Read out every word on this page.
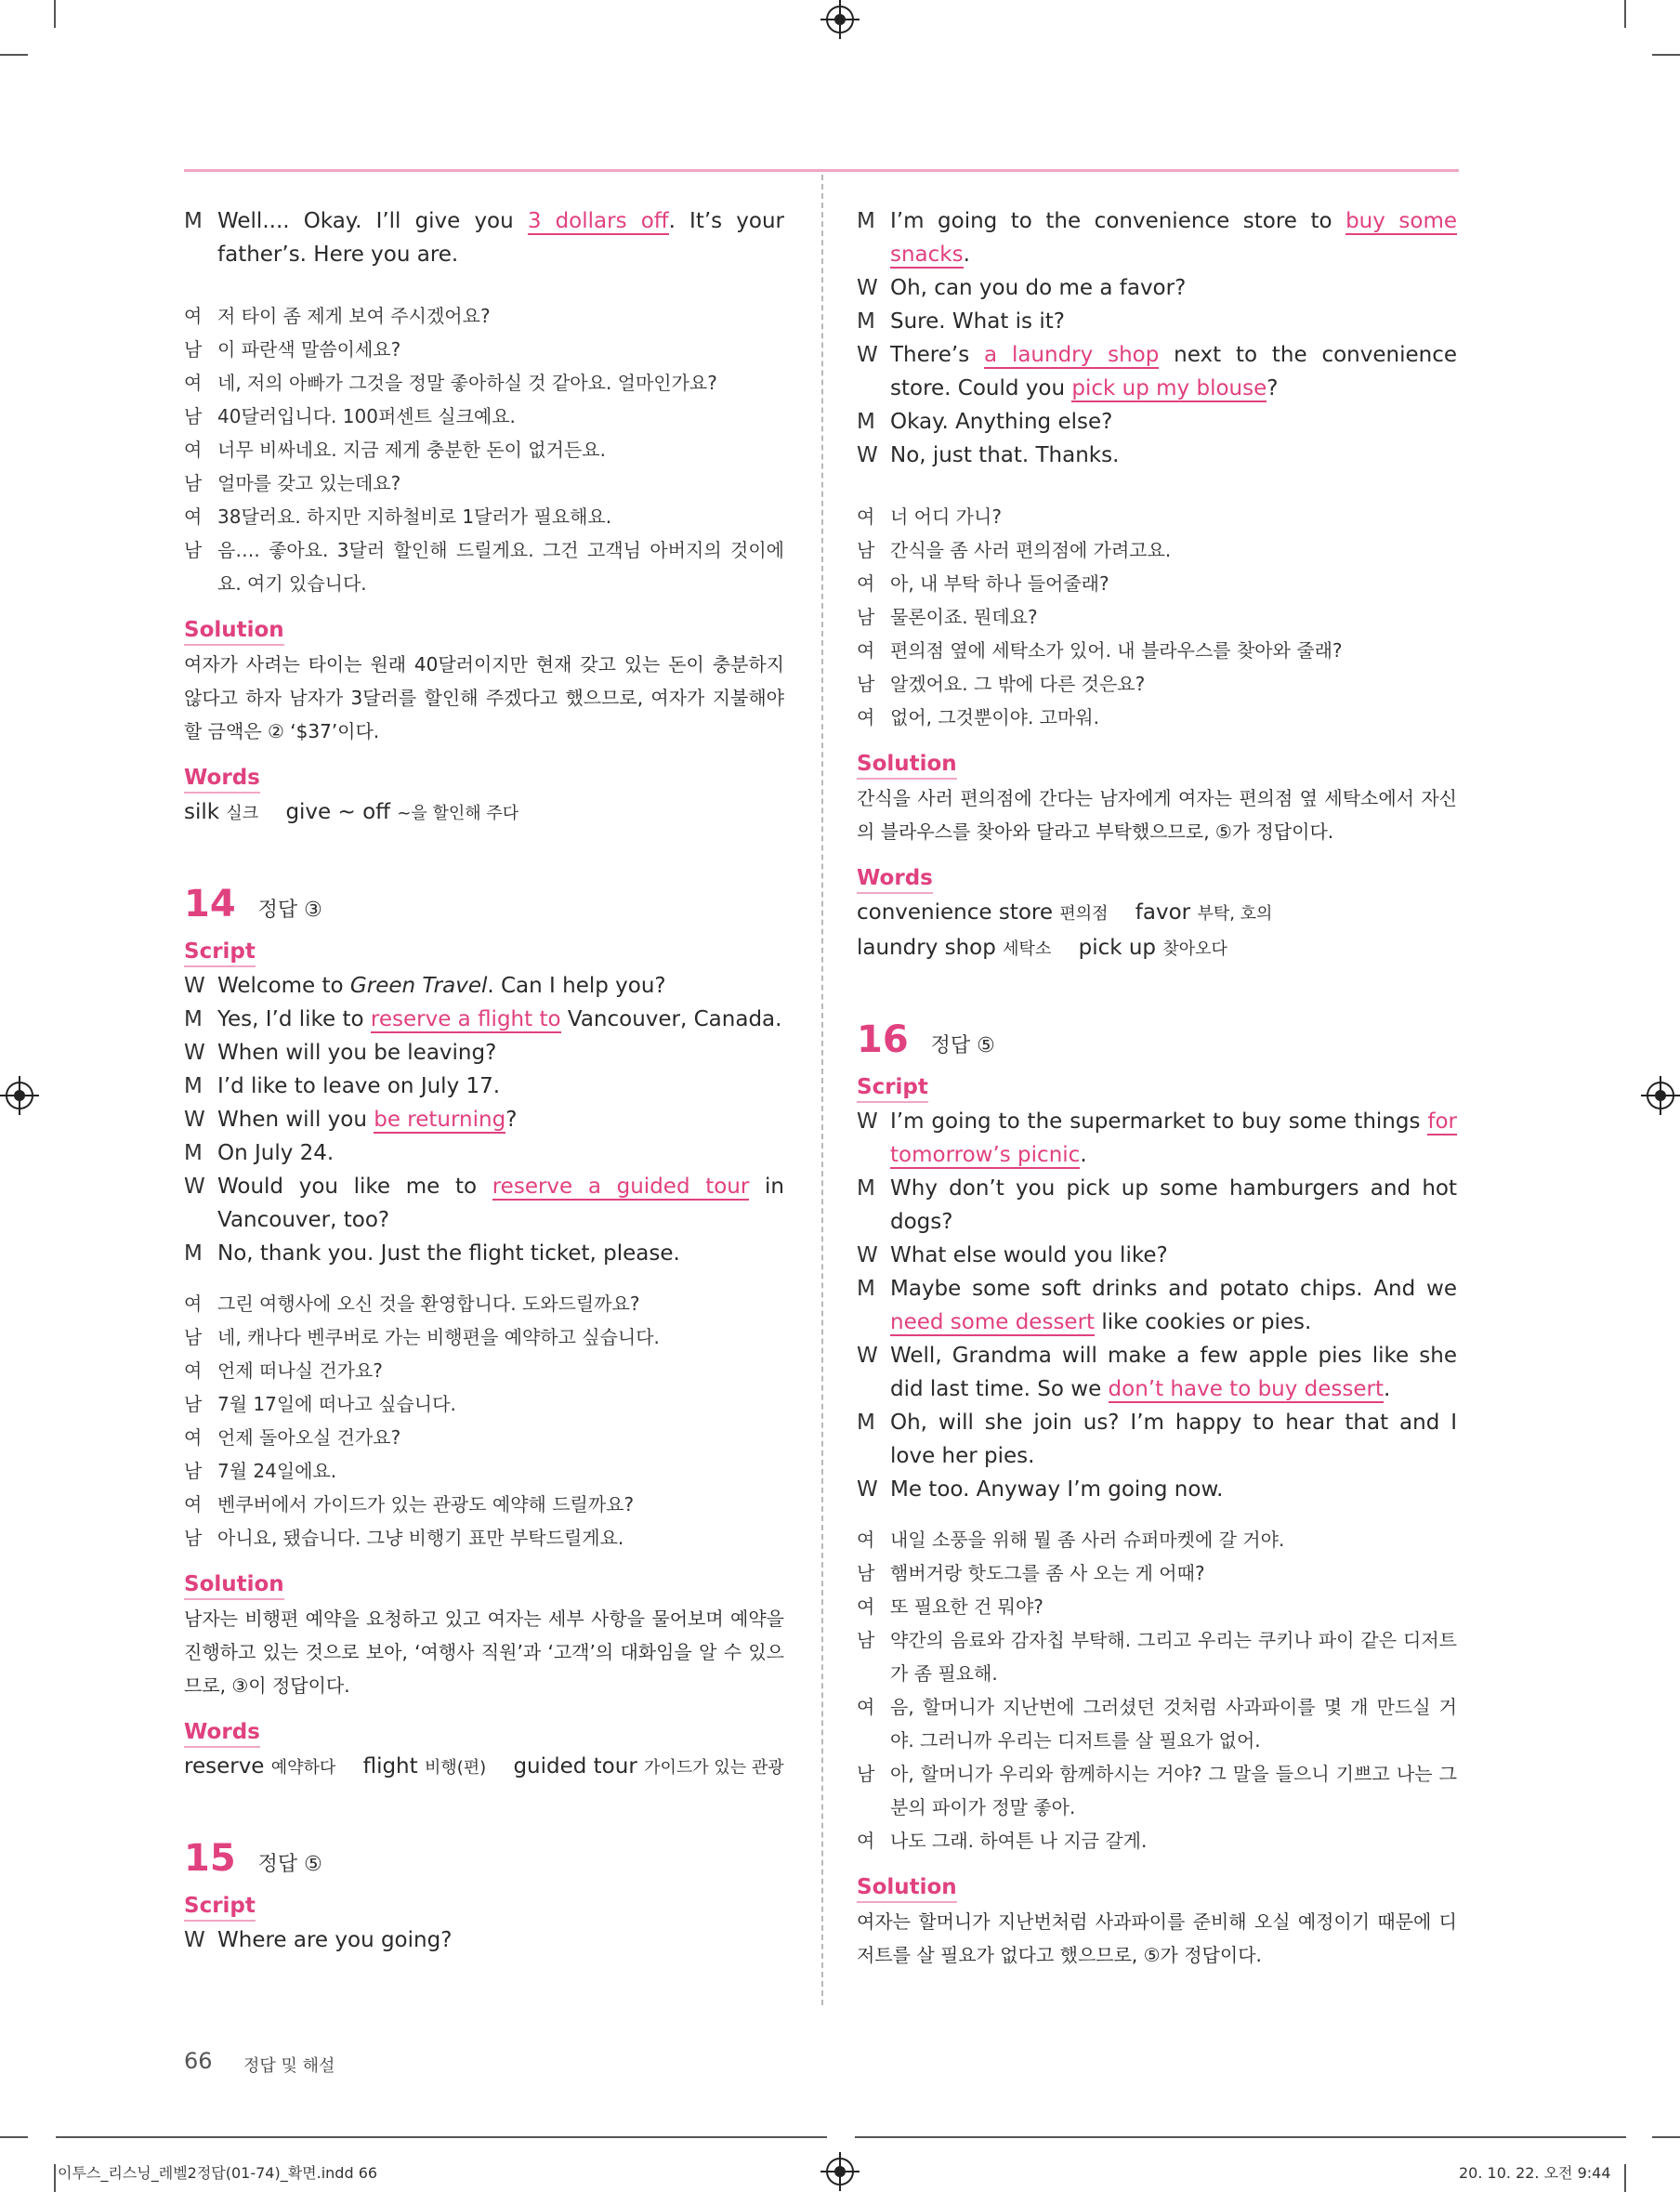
M Well.... Okay. I’ll give you 3 dollars off. It’s your father’s. Here you are.
여 저 타이 좀 제게 보여 주시겠어요?
남 이 파란색 말씀이세요?
여 네, 저의 아빠가 그것을 정말 좋아하실 것 같아요. 얼마인가요?
남 40달러입니다. 100퍼센트 실크예요.
여 너무 비싸네요. 지금 제게 충분한 돈이 없거든요.
남 얼마를 갖고 있는데요?
여 38달러요. 하지만 지하철비로 1달러가 필요해요.
남 음…. 좋아요. 3달러 할인해 드릴게요. 그건 고객님 아버지의 것이에요. 여기 있습니다.
Solution
여자가 사려는 타이는 원래 40달러이지만 현재 갖고 있는 돈이 충분하지 않다고 하자 남자가 3달러를 할인해 주겠다고 했으므로, 여자가 지불해야 할 금액은 ② ‘$37’이다.
Words
silk 실크 give ~ off ~을 할인해 주다
14 정답 ③
Script
W Welcome to Green Travel. Can I help you?
M Yes, I’d like to reserve a flight to Vancouver, Canada.
W When will you be leaving?
M I’d like to leave on July 17.
W When will you be returning?
M On July 24.
W Would you like me to reserve a guided tour in Vancouver, too?
M No, thank you. Just the flight ticket, please.
여 그린 여행사에 오신 것을 환영합니다. 도와드릴까요?
남 네, 캐나다 벤쿠버로 가는 비행편을 예약하고 싶습니다.
여 언제 떠나실 건가요?
남 7월 17일에 떠나고 싶습니다.
여 언제 돌아오실 건가요?
남 7월 24일에요.
여 벤쿠버에서 가이드가 있는 관광도 예약해 드릴까요?
남 아니요, 됐습니다. 그냥 비행기 표만 부탁드릴게요.
Solution
남자는 비행편 예약을 요청하고 있고 여자는 세부 사항을 물어보며 예약을 진행하고 있는 것으로 보아, ‘여행사 직원’과 ‘고객’의 대화임을 알 수 있으므로, ③이 정답이다.
Words
reserve 예약하다 flight 비행(편) guided tour 가이드가 있는 관광
15 정답 ⑤
Script
W Where are you going?
M I’m going to the convenience store to buy some snacks.
W Oh, can you do me a favor?
M Sure. What is it?
W There’s a laundry shop next to the convenience store. Could you pick up my blouse?
M Okay. Anything else?
W No, just that. Thanks.
여 너 어디 가니?
남 간식을 좀 사러 편의점에 가려고요.
여 아, 내 부탁 하나 들어줄래?
남 물론이죠. 뭔데요?
여 편의점 옆에 세탁소가 있어. 내 블라우스를 찾아와 줄래?
남 알겠어요. 그 밖에 다른 것은요?
여 없어, 그것뿐이야. 고마워.
Solution
간식을 사러 편의점에 간다는 남자에게 여자는 편의점 옆 세탁소에서 자신의 블라우스를 찾아와 달라고 부탁했으므로, ⑤가 정답이다.
Words
convenience store 편의점 favor 부탁, 호의
laundry shop 세탁소 pick up 찾아오다
16 정답 ⑤
Script
W I’m going to the supermarket to buy some things for tomorrow’s picnic.
M Why don’t you pick up some hamburgers and hot dogs?
W What else would you like?
M Maybe some soft drinks and potato chips. And we need some dessert like cookies or pies.
W Well, Grandma will make a few apple pies like she did last time. So we don’t have to buy dessert.
M Oh, will she join us? I’m happy to hear that and I love her pies.
W Me too. Anyway I’m going now.
여 내일 소풍을 위해 뭘 좀 사러 슈퍼마켓에 갈 거야.
남 햄버거랑 핫도그를 좀 사 오는 게 어때?
여 또 필요한 건 뭐야?
남 약간의 음료와 감자칩 부탁해. 그리고 우리는 쿠키나 파이 같은 디저트가 좀 필요해.
여 음, 할머니가 지난번에 그러셨던 것처럼 사과파이를 몇 개 만드실 거야. 그러니까 우리는 디저트를 살 필요가 없어.
남 아, 할머니가 우리와 함께하시는 거야? 그 말을 들으니 기쁘고 나는 그분의 파이가 정말 좋아.
여 나도 그래. 하여튼 나 지금 갈게.
Solution
여자는 할머니가 지난번처럼 사과파이를 준비해 오실 예정이기 때문에 디저트를 살 필요가 없다고 했으므로, ⑤가 정답이다.
66 정답 및 해설
이투스_리스닝_레벨2정답(01-74)_확면.indd 66	20. 10. 22. 오전 9:44
